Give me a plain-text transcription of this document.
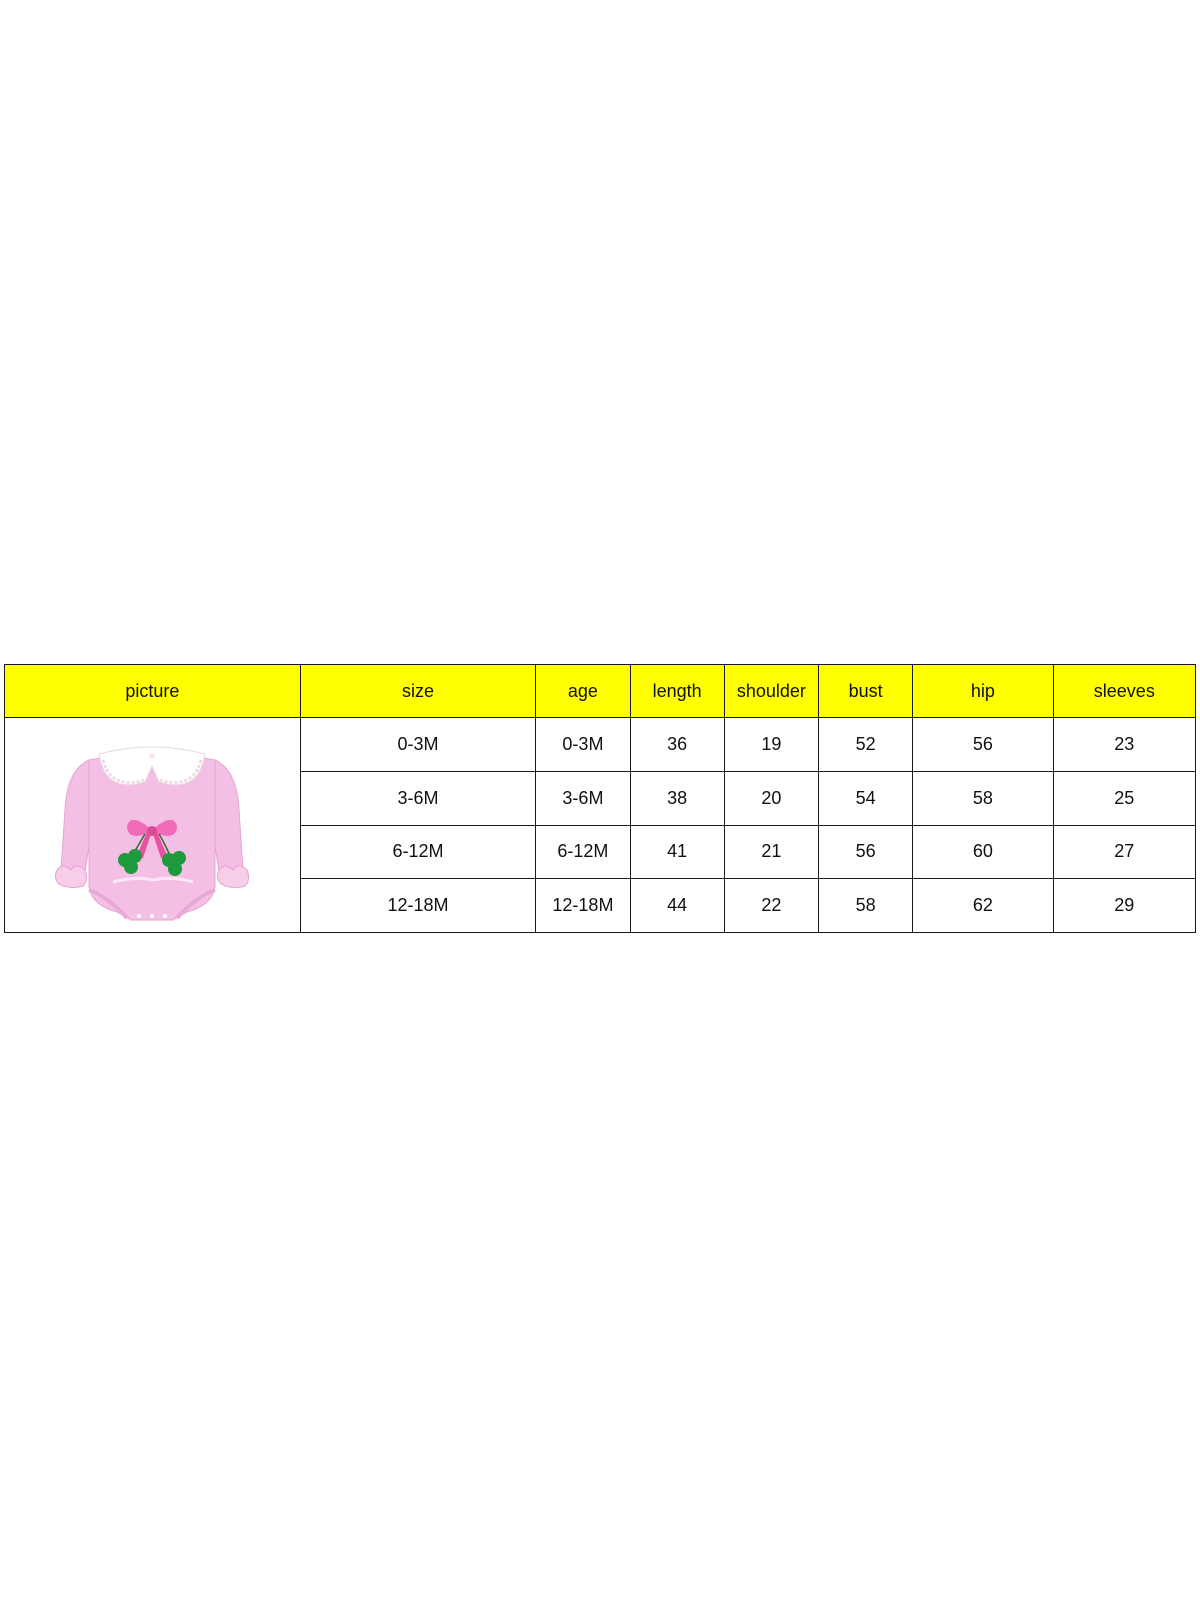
picture	size	age	length	shoulder	bust	hip	sleeves

	0-3M	0-3M	36	19	52	56	23
	3-6M	3-6M	38	20	54	58	25
	6-12M	6-12M	41	21	56	60	27
	12-18M	12-18M	44	22	58	62	29
